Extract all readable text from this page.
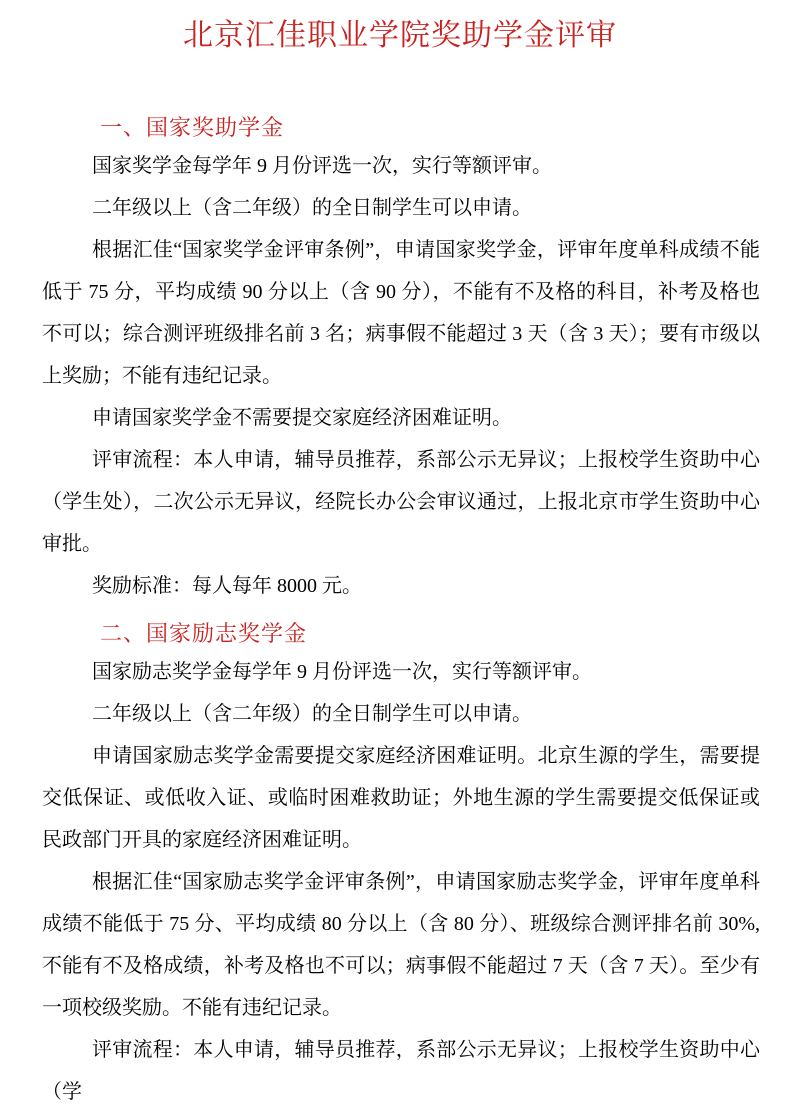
北京汇佳职业学院奖助学金评审
一、国家奖助学金

国家奖学金每学年 9 月份评选一次，实行等额评审。

二年级以上（含二年级）的全日制学生可以申请。

根据汇佳“国家奖学金评审条例”，申请国家奖学金，评审年度单科成绩不能低于 75 分，平均成绩 90 分以上（含 90 分），不能有不及格的科目，补考及格也不可以；综合测评班级排名前 3 名；病事假不能超过 3 天（含 3 天）；要有市级以上奖励；不能有违纪记录。

申请国家奖学金不需要提交家庭经济困难证明。

评审流程：本人申请，辅导员推荐，系部公示无异议；上报校学生资助中心（学生处），二次公示无异议，经院长办公会审议通过，上报北京市学生资助中心审批。

奖励标准：每人每年 8000 元。

二、国家励志奖学金

国家励志奖学金每学年 9 月份评选一次，实行等额评审。

二年级以上（含二年级）的全日制学生可以申请。

申请国家励志奖学金需要提交家庭经济困难证明。北京生源的学生，需要提交低保证、或低收入证、或临时困难救助证；外地生源的学生需要提交低保证或民政部门开具的家庭经济困难证明。

根据汇佳“国家励志奖学金评审条例”，申请国家励志奖学金，评审年度单科成绩不能低于 75 分、平均成绩 80 分以上（含 80 分）、班级综合测评排名前 30%, 不能有不及格成绩，补考及格也不可以；病事假不能超过 7 天（含 7 天）。至少有一项校级奖励。不能有违纪记录。

评审流程：本人申请，辅导员推荐，系部公示无异议；上报校学生资助中心（学
